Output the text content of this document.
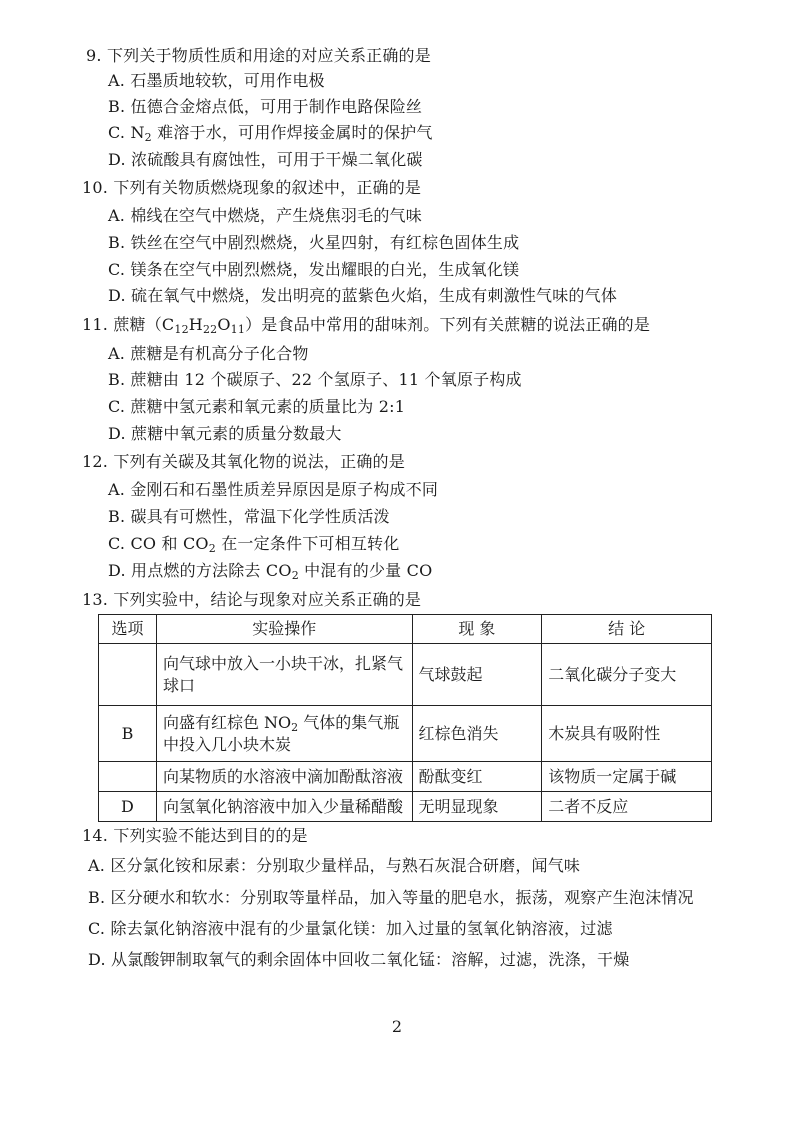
9. 下列关于物质性质和用途的对应关系正确的是
A. 石墨质地较软，可用作电极
B. 伍德合金熔点低，可用于制作电路保险丝
C. $N_2$ 难溶于水，可用作焊接金属时的保护气
D. 浓硫酸具有腐蚀性，可用于干燥二氧化碳
10. 下列有关物质燃烧现象的叙述中，正确的是
A. 棉线在空气中燃烧，产生烧焦羽毛的气味
B. 铁丝在空气中剧烈燃烧，火星四射，有红棕色固体生成
C. 镁条在空气中剧烈燃烧，发出耀眼的白光，生成氧化镁
D. 硫在氧气中燃烧，发出明亮的蓝紫色火焰，生成有刺激性气味的气体
11. 蔗糖$(C_{12}H_{22}O_{11})$是食品中常用的甜味剂。下列有关蔗糖的说法正确的是
A. 蔗糖是有机高分子化合物
B. 蔗糖由 12 个碳原子、22 个氢原子、11 个氧原子构成
C. 蔗糖中氢元素和氧元素的质量比为 2:1
D. 蔗糖中氧元素的质量分数最大
12. 下列有关碳及其氧化物的说法，正确的是
A. 金刚石和石墨性质差异原因是原子构成不同
B. 碳具有可燃性，常温下化学性质活泼
C. CO 和 $CO_2$ 在一定条件下可相互转化
D. 用点燃的方法除去 $CO_2$ 中混有的少量 CO
13. 下列实验中，结论与现象对应关系正确的是
选项	实验操作	现 象	结 论
	向气球中放入一小块干冰，扎紧气球口	气球鼓起	二氧化碳分子变大
B	向盛有红棕色 $NO_2$ 气体的集气瓶中投入几小块木炭	红棕色消失	木炭具有吸附性
	向某物质的水溶液中滴加酚酞溶液	酚酞变红	该物质一定属于碱
D	向氢氧化钠溶液中加入少量稀醋酸	无明显现象	二者不反应
14. 下列实验不能达到目的的是
A. 区分氯化铵和尿素：分别取少量样品，与熟石灰混合研磨，闻气味
B. 区分硬水和软水：分别取等量样品，加入等量的肥皂水，振荡，观察产生泡沫情况
C. 除去氯化钠溶液中混有的少量氯化镁：加入过量的氢氧化钠溶液，过滤
D. 从氯酸钾制取氧气的剩余固体中回收二氧化锰：溶解，过滤，洗涤，干燥
2
